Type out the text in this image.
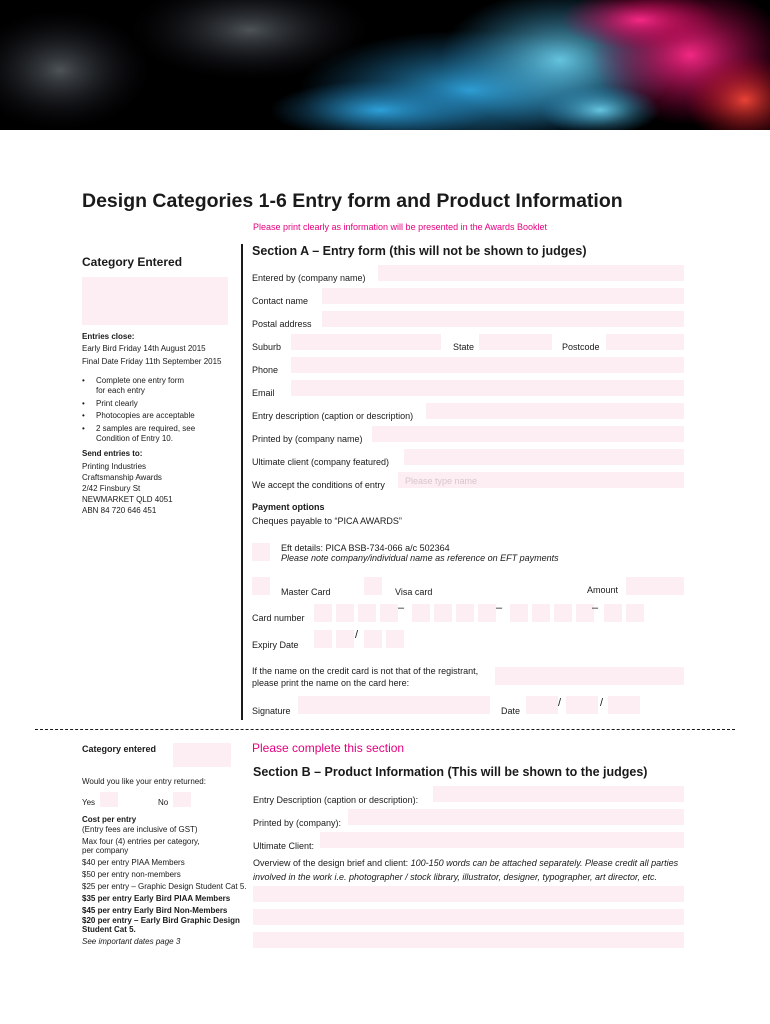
Design Categories 1-6 Entry form and Product Information
Please print clearly as information will be presented in the Awards Booklet
Category Entered
Entries close:
Early Bird Friday 14th August 2015
Final Date Friday 11th September 2015
• Complete one entry form
for each entry
• Print clearly
• Photocopies are acceptable
• 2 samples are required, see
Condition of Entry 10.
Send entries to:
Printing Industries
Craftsmanship Awards
2/42 Finsbury St
NEWMARKET QLD 4051
ABN 84 720 646 451
Section A – Entry form (this will not be shown to judges)
Entered by (company name)
Contact name
Postal address
Suburb	State	Postcode
Phone
Email
Entry description (caption or description)
Printed by (company name)
Ultimate client (company featured)
We accept the conditions of entry Please type name
Payment options
Cheques payable to “PICA AWARDS”
Eft details: PICA BSB-734-066 a/c 502364
Please note company/individual name as reference on EFT payments
Master Card	Visa card	Amount
Card number
–	–	–
Expiry Date
/
If the name on the credit card is not that of the registrant,
please print the name on the card here:
Signature	Date
/	/
Category entered
Would you like your entry returned:
Yes	No
Cost per entry
(Entry fees are inclusive of GST)
Max four (4) entries per category,
per company
$40 per entry PIAA Members
$50 per entry non-members
$25 per entry – Graphic Design Student Cat 5.
$35 per entry Early Bird PIAA Members
$45 per entry Early Bird Non-Members
$20 per entry – Early Bird Graphic Design
Student Cat 5.
See important dates page 3
Please complete this section
Section B – Product Information (This will be shown to the judges)
Entry Description (caption or description):
Printed by (company):
Ultimate Client:
Overview of the design brief and client: 100-150 words can be attached separately. Please credit all parties
involved in the work i.e. photographer / stock library, illustrator, designer, typographer, art director, etc.
